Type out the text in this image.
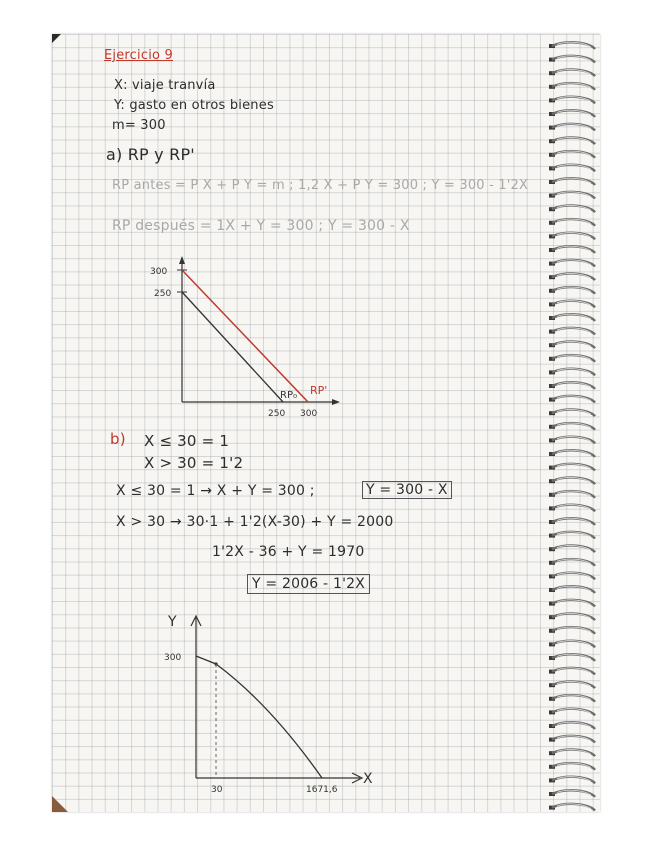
Ejercicio 9
X: viaje tranvía
Y: gasto en otros bienes
m= 300
a) RP y RP'
RP antes = P X + P Y = m ; 1,2 X + P Y = 300 ; Y = 300 - 1'2X
RP después = 1X + Y = 300 ; Y = 300 - X
300
250
250 300
RP₀ RP'
b) X ≤ 30 = 1
X > 30 = 1'2
X ≤ 30 = 1 → X + Y = 300 ;	Y = 300 - X
X > 30 → 30·1 + 1'2(X-30) + Y = 2000
1'2X - 36 + Y = 1970
Y = 2006 - 1'2X
Y
X
300
30	1671,6
